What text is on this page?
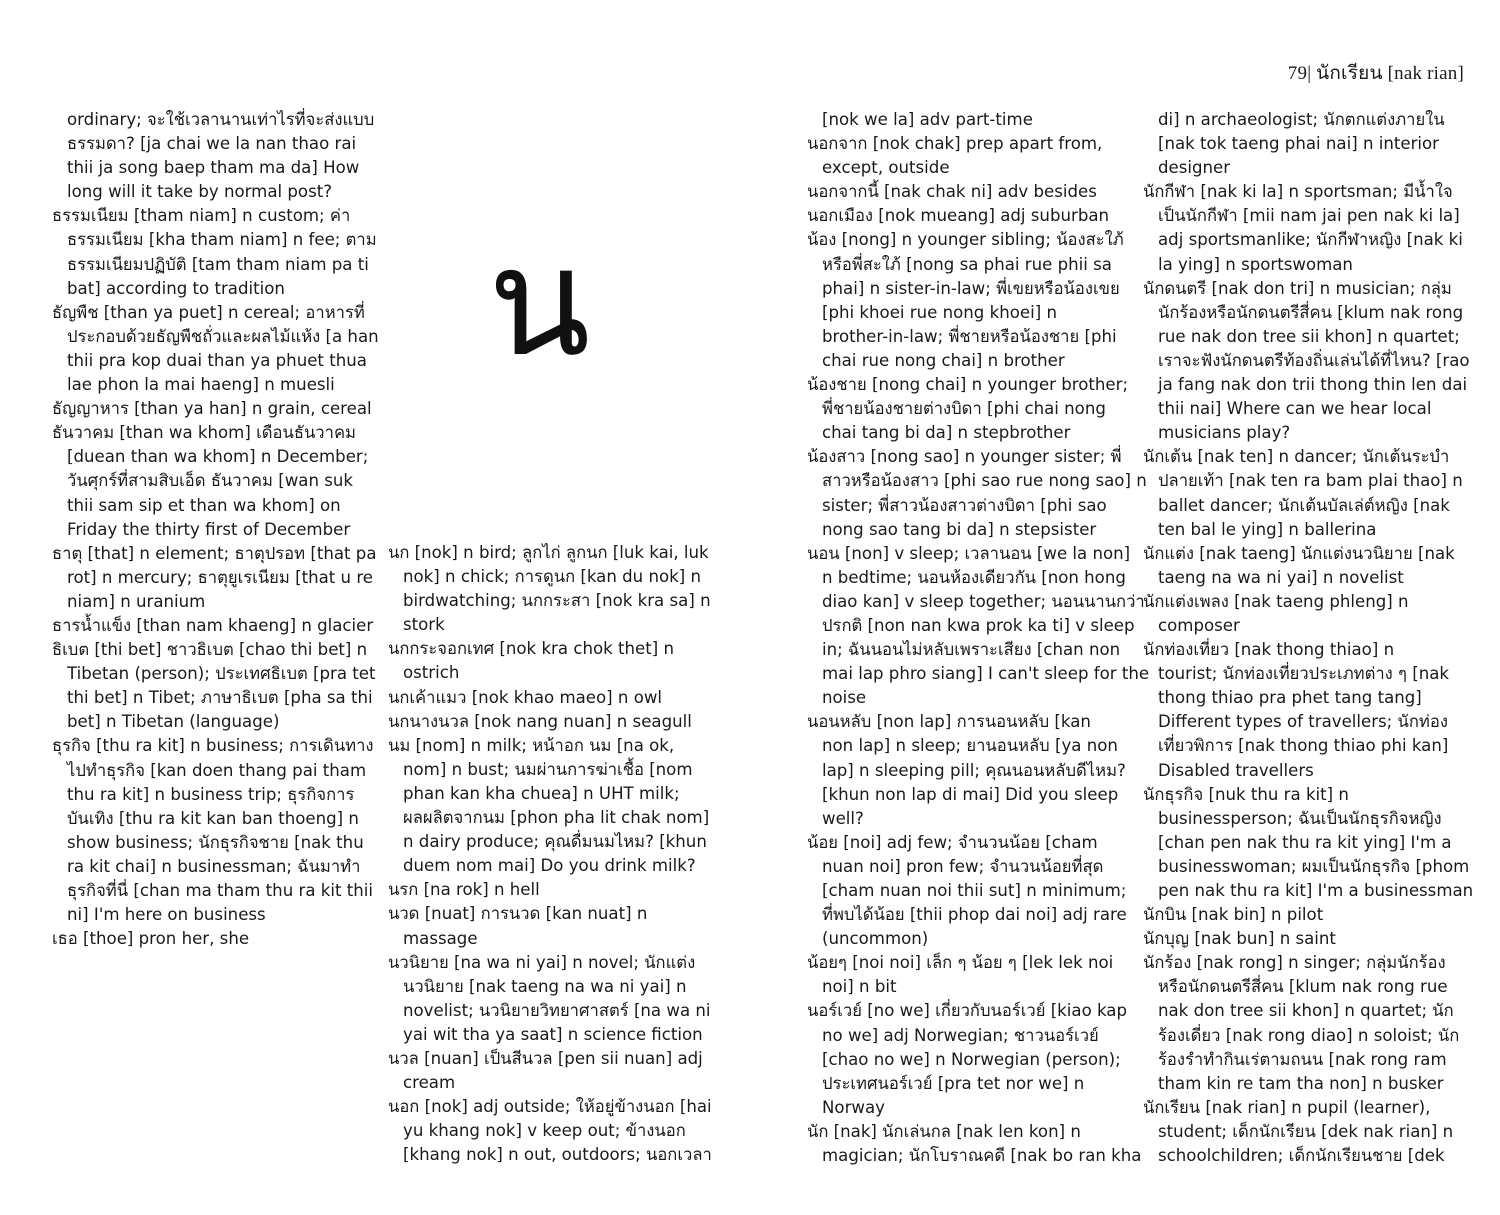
79| นักเรียน [nak rian]
น
ordinary; จะใช้เวลานานเท่าไรที่จะส่งแบบ
ธรรมดา? [ja chai we la nan thao rai
thii ja song baep tham ma da] How
long will it take by normal post?
ธรรมเนียม [tham niam] n custom; ค่า
ธรรมเนียม [kha tham niam] n fee; ตาม
ธรรมเนียมปฏิบัติ [tam tham niam pa ti
bat] according to tradition
ธัญพืช [than ya puet] n cereal; อาหารที่
ประกอบด้วยธัญพืชถั่วและผลไม้แห้ง [a han
thii pra kop duai than ya phuet thua
lae phon la mai haeng] n muesli
ธัญญาหาร [than ya han] n grain, cereal
ธันวาคม [than wa khom] เดือนธันวาคม
[duean than wa khom] n December;
วันศุกร์ที่สามสิบเอ็ด ธันวาคม [wan suk
thii sam sip et than wa khom] on
Friday the thirty first of December
ธาตุ [that] n element; ธาตุปรอท [that pa
rot] n mercury; ธาตุยูเรเนียม [that u re
niam] n uranium
ธารน้ำแข็ง [than nam khaeng] n glacier
ธิเบต [thi bet] ชาวธิเบต [chao thi bet] n
Tibetan (person); ประเทศธิเบต [pra tet
thi bet] n Tibet; ภาษาธิเบต [pha sa thi
bet] n Tibetan (language)
ธุรกิจ [thu ra kit] n business; การเดินทาง
ไปทำธุรกิจ [kan doen thang pai tham
thu ra kit] n business trip; ธุรกิจการ
บันเทิง [thu ra kit kan ban thoeng] n
show business; นักธุรกิจชาย [nak thu
ra kit chai] n businessman; ฉันมาทำ
ธุรกิจที่นี่ [chan ma tham thu ra kit thii
ni] I'm here on business
เธอ [thoe] pron her, she
นก [nok] n bird; ลูกไก่ ลูกนก [luk kai, luk
nok] n chick; การดูนก [kan du nok] n
birdwatching; นกกระสา [nok kra sa] n
stork
นกกระจอกเทศ [nok kra chok thet] n
ostrich
นกเค้าแมว [nok khao maeo] n owl
นกนางนวล [nok nang nuan] n seagull
นม [nom] n milk; หน้าอก นม [na ok,
nom] n bust; นมผ่านการฆ่าเชื้อ [nom
phan kan kha chuea] n UHT milk;
ผลผลิตจากนม [phon pha lit chak nom]
n dairy produce; คุณดื่มนมไหม? [khun
duem nom mai] Do you drink milk?
นรก [na rok] n hell
นวด [nuat] การนวด [kan nuat] n
massage
นวนิยาย [na wa ni yai] n novel; นักแต่ง
นวนิยาย [nak taeng na wa ni yai] n
novelist; นวนิยายวิทยาศาสตร์ [na wa ni
yai wit tha ya saat] n science fiction
นวล [nuan] เป็นสีนวล [pen sii nuan] adj
cream
นอก [nok] adj outside; ให้อยู่ข้างนอก [hai
yu khang nok] v keep out; ข้างนอก
[khang nok] n out, outdoors; นอกเวลา
[nok we la] adv part-time
นอกจาก [nok chak] prep apart from,
except, outside
นอกจากนี้ [nak chak ni] adv besides
นอกเมือง [nok mueang] adj suburban
น้อง [nong] n younger sibling; น้องสะใภ้
หรือพี่สะใภ้ [nong sa phai rue phii sa
phai] n sister-in-law; พี่เขยหรือน้องเขย
[phi khoei rue nong khoei] n
brother-in-law; พี่ชายหรือน้องชาย [phi
chai rue nong chai] n brother
น้องชาย [nong chai] n younger brother;
พี่ชายน้องชายต่างบิดา [phi chai nong
chai tang bi da] n stepbrother
น้องสาว [nong sao] n younger sister; พี่
สาวหรือน้องสาว [phi sao rue nong sao] n
sister; พี่สาวน้องสาวต่างบิดา [phi sao
nong sao tang bi da] n stepsister
นอน [non] v sleep; เวลานอน [we la non]
n bedtime; นอนห้องเดียวกัน [non hong
diao kan] v sleep together; นอนนานกว่า
ปรกติ [non nan kwa prok ka ti] v sleep
in; ฉันนอนไม่หลับเพราะเสียง [chan non
mai lap phro siang] I can't sleep for the
noise
นอนหลับ [non lap] การนอนหลับ [kan
non lap] n sleep; ยานอนหลับ [ya non
lap] n sleeping pill; คุณนอนหลับดีไหม?
[khun non lap di mai] Did you sleep
well?
น้อย [noi] adj few; จำนวนน้อย [cham
nuan noi] pron few; จำนวนน้อยที่สุด
[cham nuan noi thii sut] n minimum;
ที่พบได้น้อย [thii phop dai noi] adj rare
(uncommon)
น้อยๆ [noi noi] เล็ก ๆ น้อย ๆ [lek lek noi
noi] n bit
นอร์เวย์ [no we] เกี่ยวกับนอร์เวย์ [kiao kap
no we] adj Norwegian; ชาวนอร์เวย์
[chao no we] n Norwegian (person);
ประเทศนอร์เวย์ [pra tet nor we] n
Norway
นัก [nak] นักเล่นกล [nak len kon] n
magician; นักโบราณคดี [nak bo ran kha
di] n archaeologist; นักตกแต่งภายใน
[nak tok taeng phai nai] n interior
designer
นักกีฬา [nak ki la] n sportsman; มีน้ำใจ
เป็นนักกีฬา [mii nam jai pen nak ki la]
adj sportsmanlike; นักกีฬาหญิง [nak ki
la ying] n sportswoman
นักดนตรี [nak don tri] n musician; กลุ่ม
นักร้องหรือนักดนตรีสี่คน [klum nak rong
rue nak don tree sii khon] n quartet;
เราจะฟังนักดนตรีท้องถิ่นเล่นได้ที่ไหน? [rao
ja fang nak don trii thong thin len dai
thii nai] Where can we hear local
musicians play?
นักเต้น [nak ten] n dancer; นักเต้นระบำ
ปลายเท้า [nak ten ra bam plai thao] n
ballet dancer; นักเต้นบัลเล่ต์หญิง [nak
ten bal le ying] n ballerina
นักแต่ง [nak taeng] นักแต่งนวนิยาย [nak
taeng na wa ni yai] n novelist
นักแต่งเพลง [nak taeng phleng] n
composer
นักท่องเที่ยว [nak thong thiao] n
tourist; นักท่องเที่ยวประเภทต่าง ๆ [nak
thong thiao pra phet tang tang]
Different types of travellers; นักท่อง
เที่ยวพิการ [nak thong thiao phi kan]
Disabled travellers
นักธุรกิจ [nuk thu ra kit] n
businessperson; ฉันเป็นนักธุรกิจหญิง
[chan pen nak thu ra kit ying] I'm a
businesswoman; ผมเป็นนักธุรกิจ [phom
pen nak thu ra kit] I'm a businessman
นักบิน [nak bin] n pilot
นักบุญ [nak bun] n saint
นักร้อง [nak rong] n singer; กลุ่มนักร้อง
หรือนักดนตรีสี่คน [klum nak rong rue
nak don tree sii khon] n quartet; นัก
ร้องเดี่ยว [nak rong diao] n soloist; นัก
ร้องรำทำกินเร่ตามถนน [nak rong ram
tham kin re tam tha non] n busker
นักเรียน [nak rian] n pupil (learner),
student; เด็กนักเรียน [dek nak rian] n
schoolchildren; เด็กนักเรียนชาย [dek
